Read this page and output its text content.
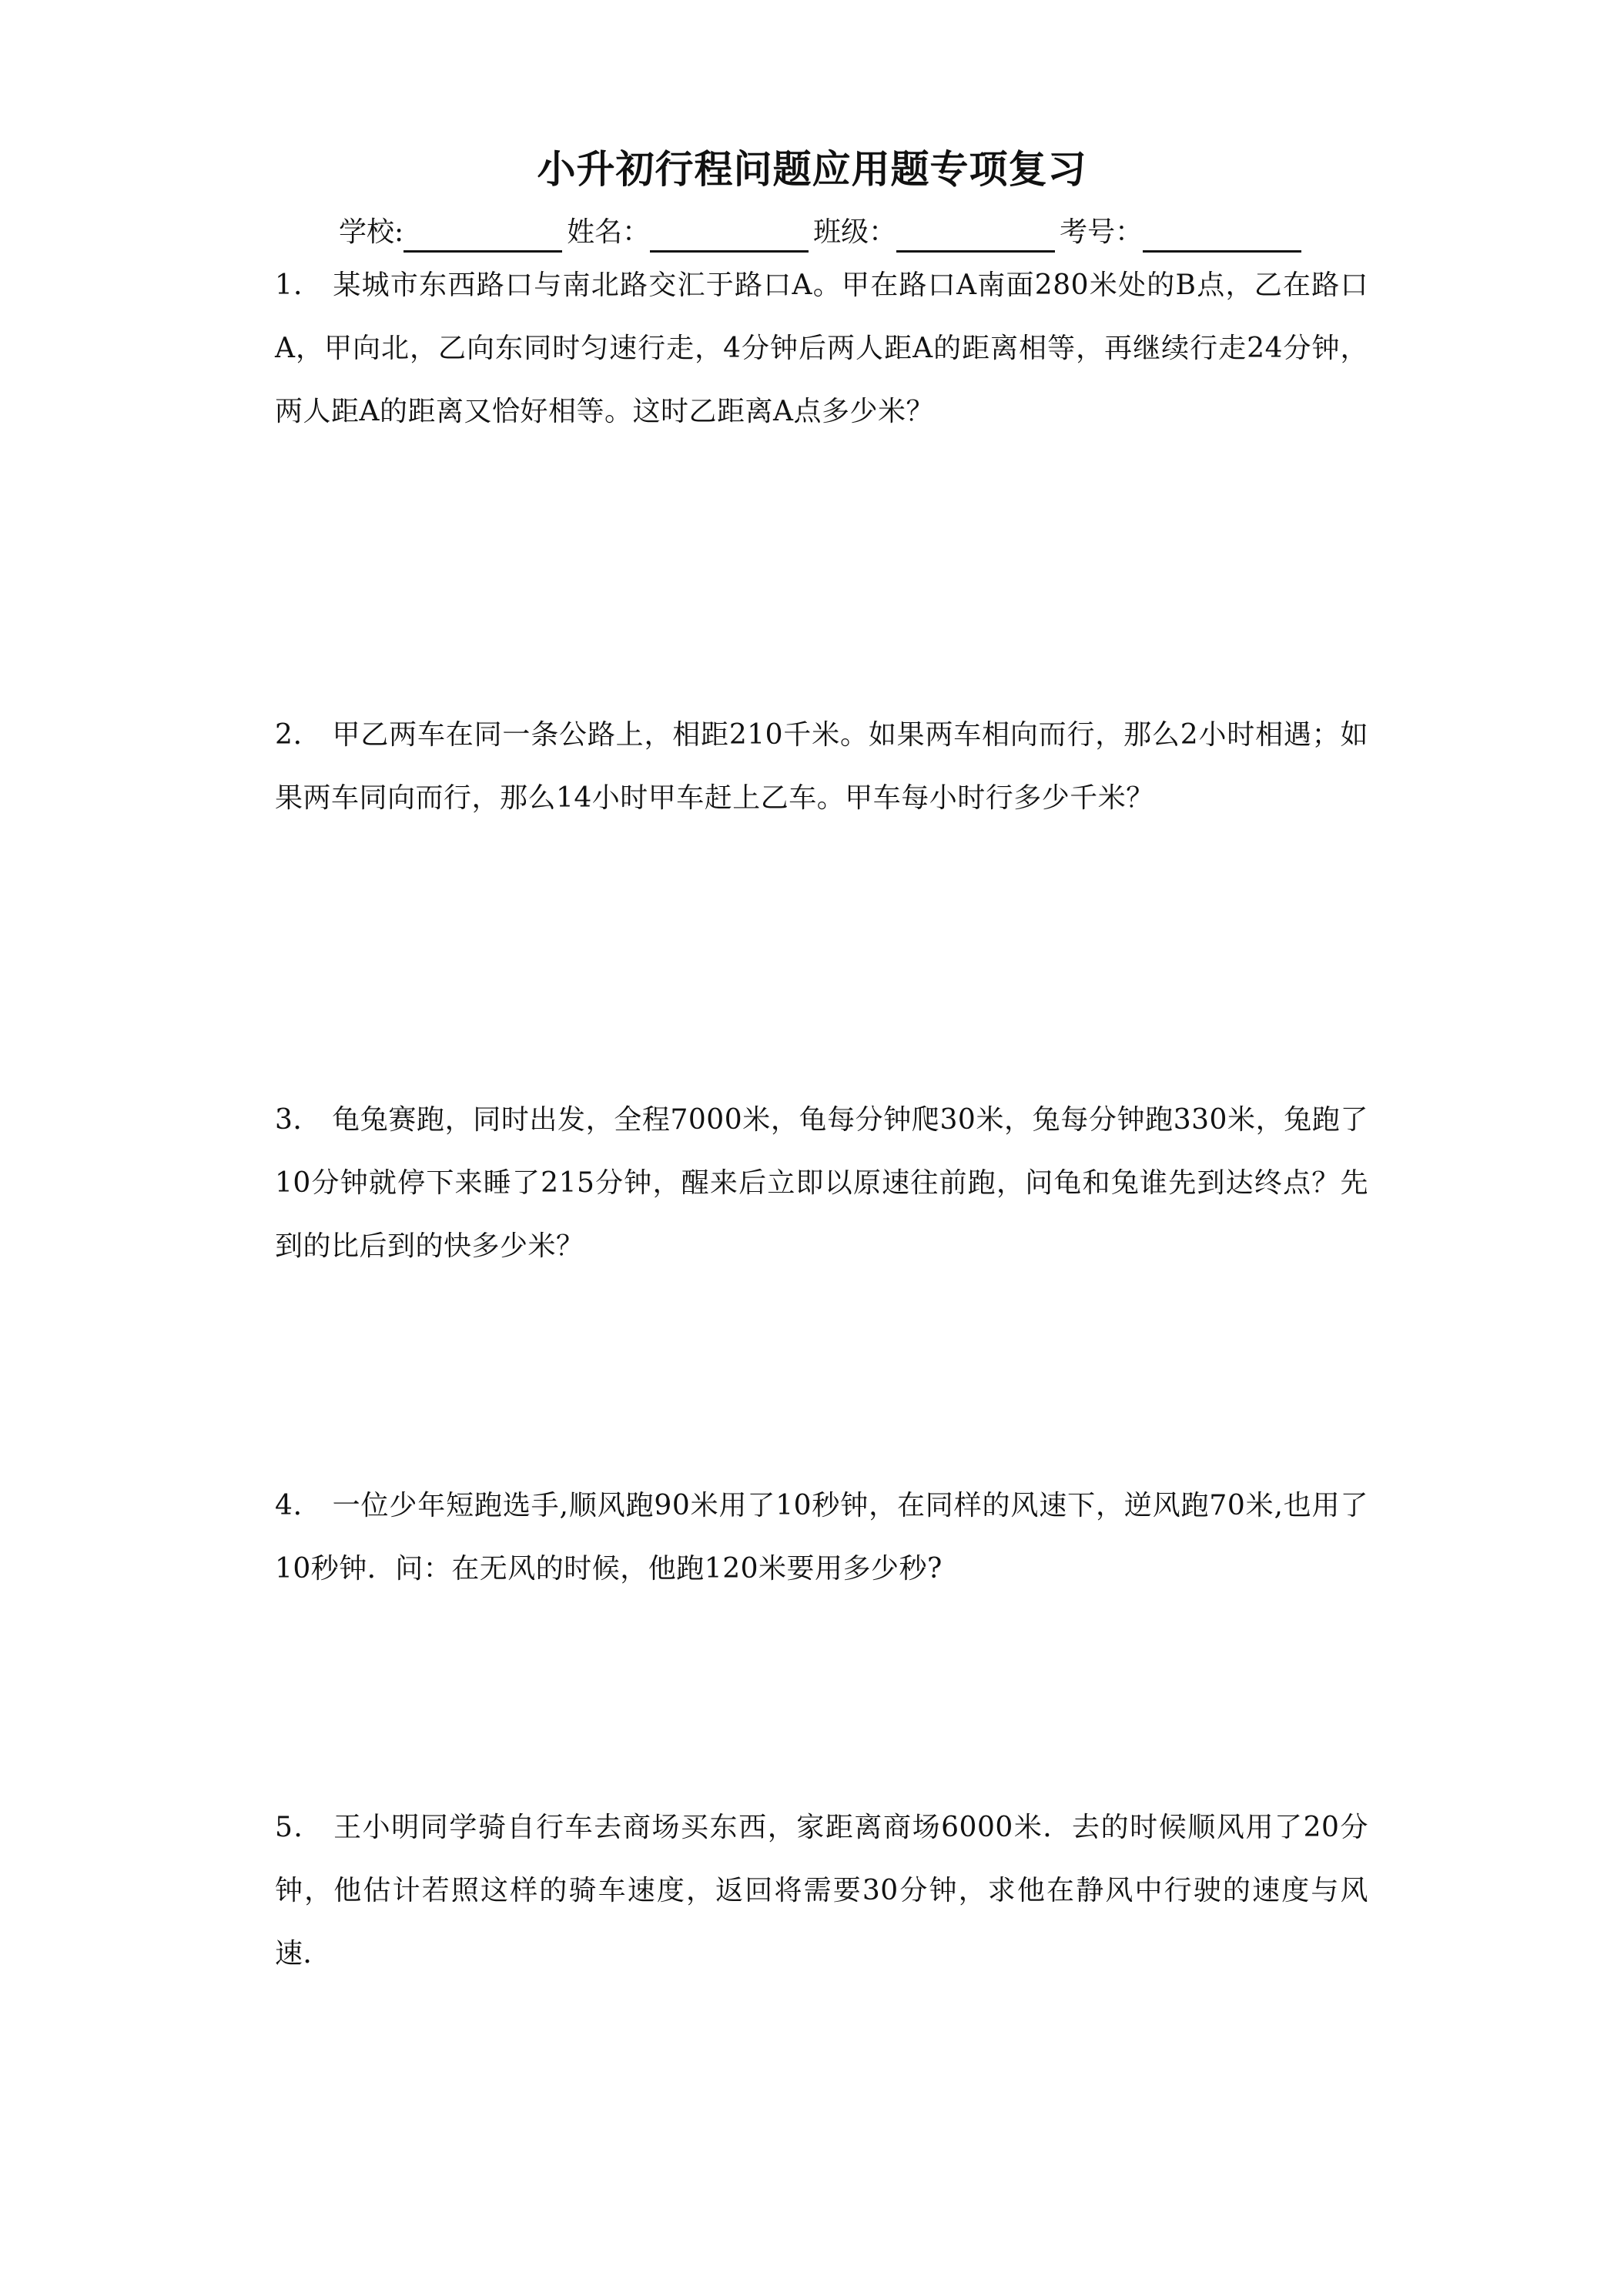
小升初行程问题应用题专项复习
学校:	姓名：	班级：	考号：
1． 某城市东西路口与南北路交汇于路口A。甲在路口A南面280米处的B点，乙在路口A，甲向北，乙向东同时匀速行走，4分钟后两人距A的距离相等，再继续行走24分钟，两人距A的距离又恰好相等。这时乙距离A点多少米？
2． 甲乙两车在同一条公路上，相距210千米。如果两车相向而行，那么2小时相遇；如果两车同向而行，那么14小时甲车赶上乙车。甲车每小时行多少千米？
3． 龟兔赛跑，同时出发，全程7000米，龟每分钟爬30米，兔每分钟跑330米，兔跑了10分钟就停下来睡了215分钟，醒来后立即以原速往前跑，问龟和兔谁先到达终点？先到的比后到的快多少米？
4． 一位少年短跑选手,顺风跑90米用了10秒钟，在同样的风速下，逆风跑70米,也用了10秒钟．问：在无风的时候，他跑120米要用多少秒?
5． 王小明同学骑自行车去商场买东西，家距离商场6000米．去的时候顺风用了20分钟，他估计若照这样的骑车速度，返回将需要30分钟，求他在静风中行驶的速度与风速．
